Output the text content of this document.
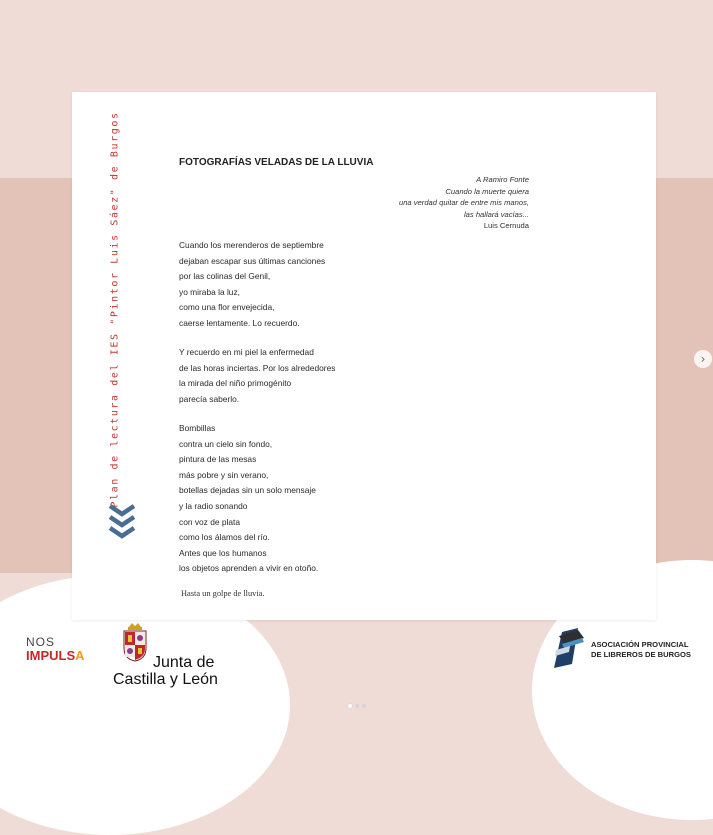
Plan de lectura del IES "Pintor Luis Sáez" de Burgos	FOTOGRAFÍAS VELADAS DE LA LLUVIA
A Ramiro Fonte
Cuando la muerte quiera
una verdad quitar de entre mis manos,
las hallará vacías...
Luis Cernuda
Cuando los merenderos de septiembre
dejaban escapar sus últimas canciones
por las colinas del Genil,
yo miraba la luz,
como una flor envejecida,
caerse lentamente. Lo recuerdo.
Y recuerdo en mi piel la enfermedad
de las horas inciertas. Por los alrededores
la mirada del niño primogénito
parecía saberlo.
Bombillas
contra un cielo sin fondo,
pintura de las mesas
más pobre y sin verano,
botellas dejadas sin un solo mensaje
y la radio sonando
con voz de plata
como los álamos del río.
Antes que los humanos
los objetos aprenden a vivir en otoño.
Hasta un golpe de lluvia.
›
NOS
IMPULSA	Junta de
Castilla y León
ASOCIACIÓN PROVINCIAL
DE LIBREROS DE BURGOS
